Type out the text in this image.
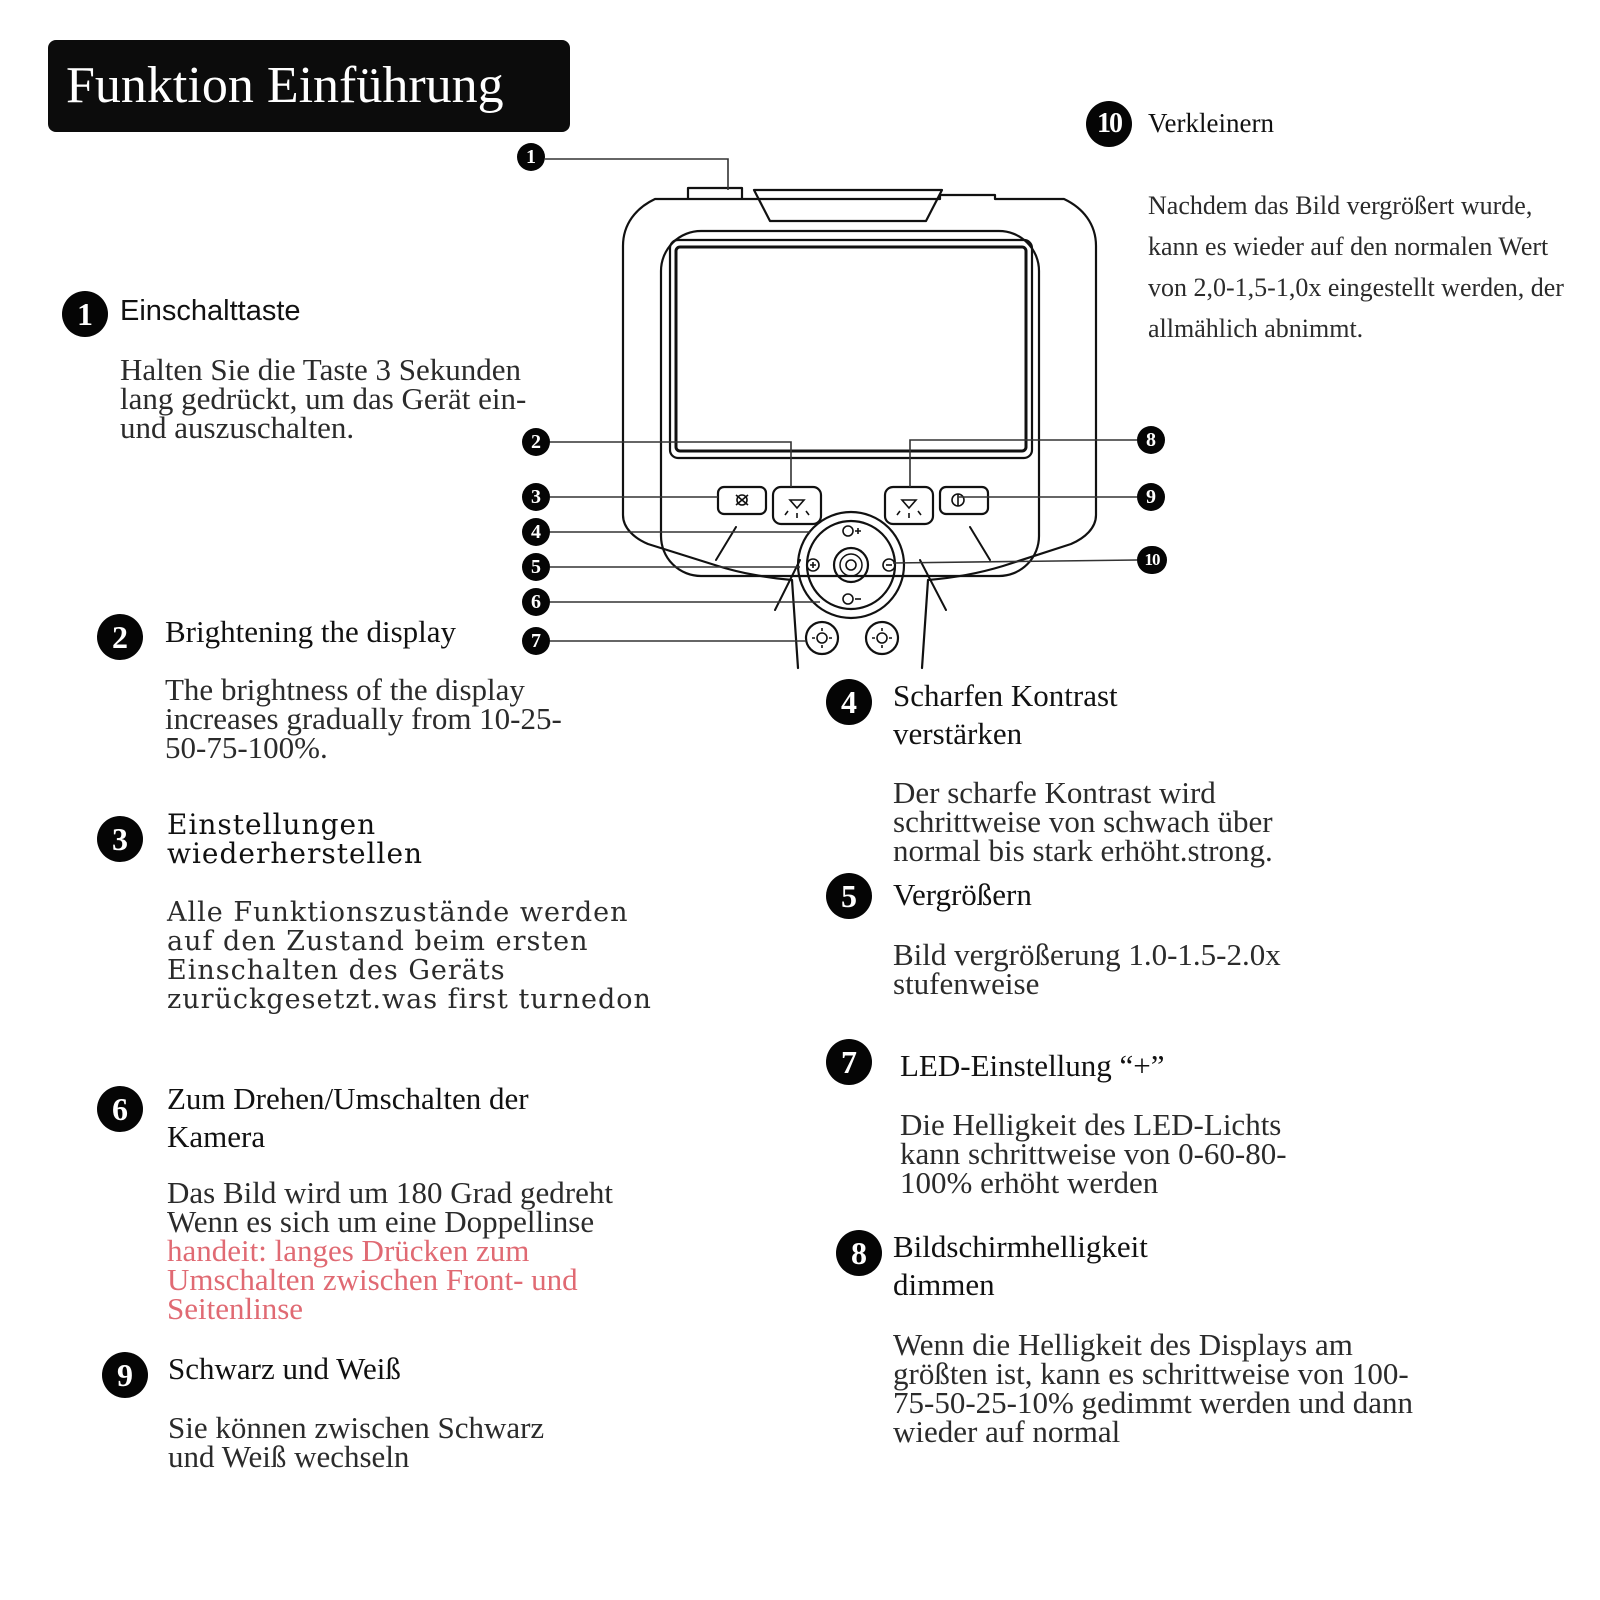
Funktion Einführung
1
2
3
4
5
6
7
8
9
10
1 Einschalttaste
Halten Sie die Taste 3 Sekunden lang gedrückt, um das Gerät ein- und auszuschalten.
2	Brightening the display
The brightness of the display increases gradually from 10-25-50-75-100%.
3	Einstellungen wiederherstellen
Alle Funktionszustände werden auf den Zustand beim ersten Einschalten des Geräts zurückgesetzt.was first turnedon
6	Zum Drehen/Umschalten der Kamera
Das Bild wird um 180 Grad gedreht Wenn es sich um eine Doppellinse handeit: langes Drücken zum Umschalten zwischen Front- und Seitenlinse
9	Schwarz und Weiß
Sie können zwischen Schwarz und Weiß wechseln
10	Verkleinern
Nachdem das Bild vergrößert wurde, kann es wieder auf den normalen Wert von 2,0-1,5-1,0x eingestellt werden, der allmählich abnimmt.
4	Scharfen Kontrast verstärken
Der scharfe Kontrast wird schrittweise von schwach über normal bis stark erhöht.strong.
5	Vergrößern
Bild vergrößerung 1.0-1.5-2.0x stufenweise
7	LED-Einstellung “+”
Die Helligkeit des LED-Lichts kann schrittweise von 0-60-80-100% erhöht werden
8 Bildschirmhelligkeit dimmen
Wenn die Helligkeit des Displays am größten ist, kann es schrittweise von 100-75-50-25-10% gedimmt werden und dann wieder auf normal
